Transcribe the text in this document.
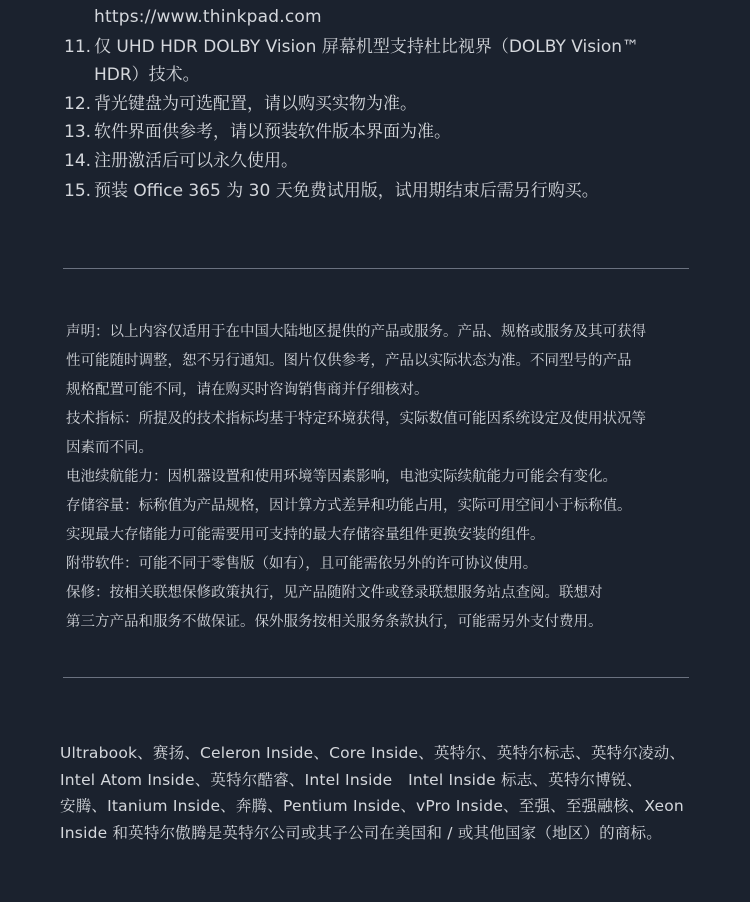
https://www.thinkpad.com
11. 仅 UHD HDR DOLBY Vision 屏幕机型支持杜比视界（DOLBY Vision™
HDR）技术。
12. 背光键盘为可选配置，请以购买实物为准。
13. 软件界面供参考，请以预装软件版本界面为准。
14. 注册激活后可以永久使用。
15. 预装 Office 365 为 30 天免费试用版，试用期结束后需另行购买。
声明：以上内容仅适用于在中国大陆地区提供的产品或服务。产品、规格或服务及其可获得
性可能随时调整，恕不另行通知。图片仅供参考，产品以实际状态为准。不同型号的产品
规格配置可能不同，请在购买时咨询销售商并仔细核对。
技术指标：所提及的技术指标均基于特定环境获得，实际数值可能因系统设定及使用状况等
因素而不同。
电池续航能力：因机器设置和使用环境等因素影响，电池实际续航能力可能会有变化。
存储容量：标称值为产品规格，因计算方式差异和功能占用，实际可用空间小于标称值。
实现最大存储能力可能需要用可支持的最大存储容量组件更换安装的组件。
附带软件：可能不同于零售版（如有），且可能需依另外的许可协议使用。
保修：按相关联想保修政策执行，见产品随附文件或登录联想服务站点查阅。联想对
第三方产品和服务不做保证。保外服务按相关服务条款执行，可能需另外支付费用。
Ultrabook、赛扬、Celeron Inside、Core Inside、英特尔、英特尔标志、英特尔凌动、
Intel Atom Inside、英特尔酷睿、Intel Inside　Intel Inside 标志、英特尔博锐、
安腾、Itanium Inside、奔腾、Pentium Inside、vPro Inside、至强、至强融核、Xeon
Inside 和英特尔傲腾是英特尔公司或其子公司在美国和 / 或其他国家（地区）的商标。
